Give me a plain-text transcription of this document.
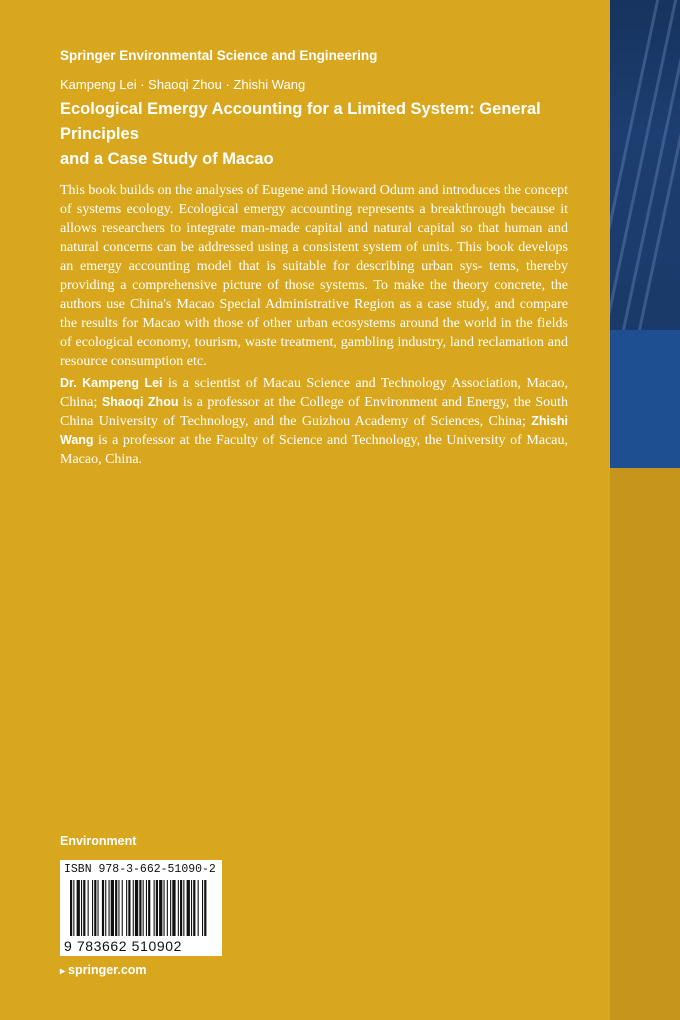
Springer Environmental Science and Engineering
Kampeng Lei · Shaoqi Zhou · Zhishi Wang
Ecological Emergy Accounting for a Limited System: General Principles
and a Case Study of Macao

This book builds on the analyses of Eugene and Howard Odum and introduces the concept of systems ecology. Ecological emergy accounting represents a breakthrough because it allows researchers to integrate man-made capital and natural capital so that human and natural concerns can be addressed using a consistent system of units. This book develops an emergy accounting model that is suitable for describing urban sys- tems, thereby providing a comprehensive picture of those systems. To make the theory concrete, the authors use China's Macao Special Administrative Region as a case study, and compare the results for Macao with those of other urban ecosystems around the world in the fields of ecological economy, tourism, waste treatment, gambling industry, land reclamation and resource consumption etc.

Dr. Kampeng Lei is a scientist of Macau Science and Technology Association, Macao, China; Shaoqi Zhou is a professor at the College of Environment and Energy, the South China University of Technology, and the Guizhou Academy of Sciences, China; Zhishi Wang is a professor at the Faculty of Science and Technology, the University of Macau, Macao, China.
Environment
ISBN 978-3-662-51090-2
9 783662 510902
▸ springer.com
